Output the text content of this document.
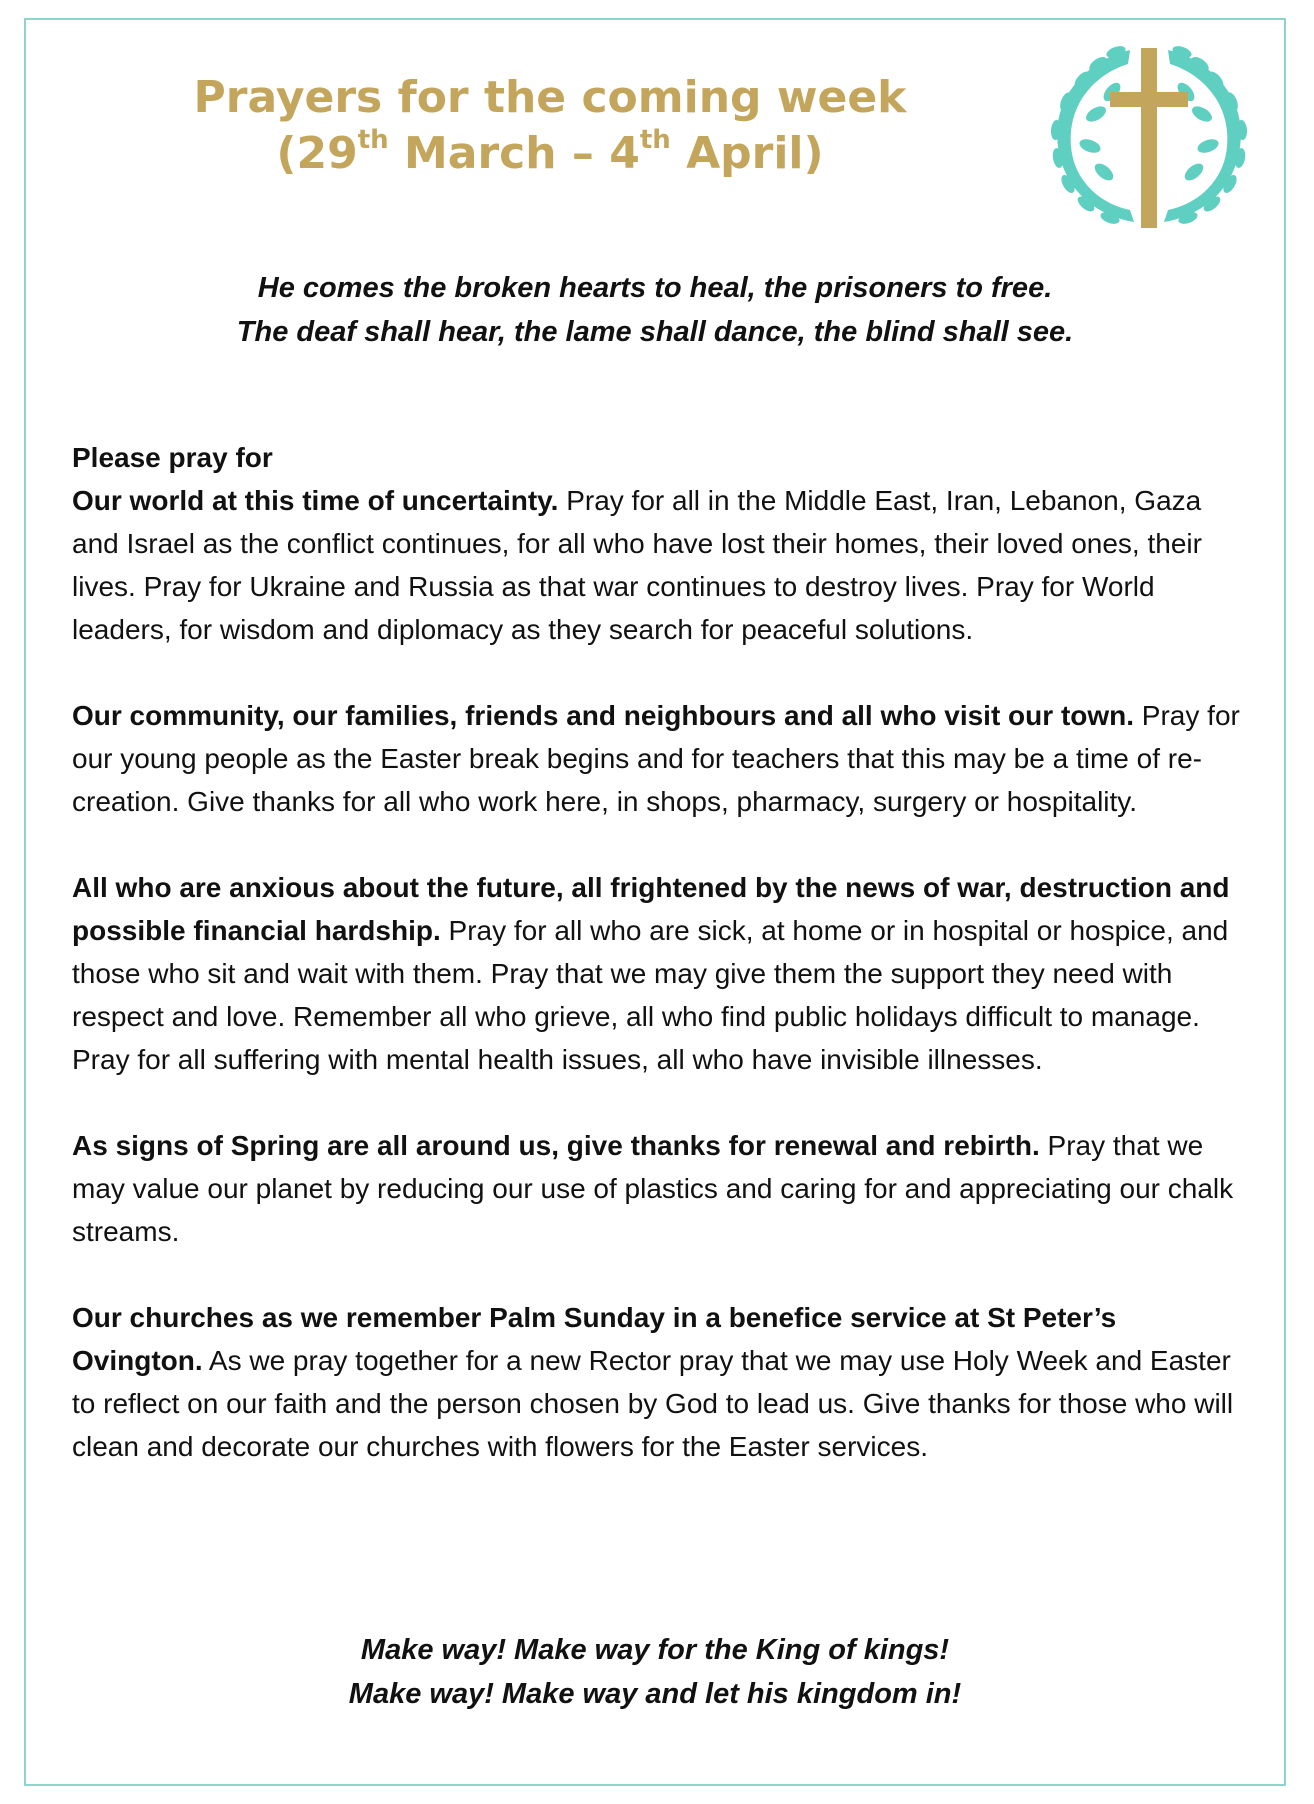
Prayers for the coming week
(29th March – 4th April)

He comes the broken hearts to heal, the prisoners to free.

The deaf shall hear, the lame shall dance, the blind shall see.

Please pray for

Our world at this time of uncertainty. Pray for all in the Middle East, Iran, Lebanon, Gaza and Israel as the conflict continues, for all who have lost their homes, their loved ones, their lives. Pray for Ukraine and Russia as that war continues to destroy lives. Pray for World leaders, for wisdom and diplomacy as they search for peaceful solutions.

Our community, our families, friends and neighbours and all who visit our town. Pray for our young people as the Easter break begins and for teachers that this may be a time of re-creation. Give thanks for all who work here, in shops, pharmacy, surgery or hospitality.

All who are anxious about the future, all frightened by the news of war, destruction and possible financial hardship. Pray for all who are sick, at home or in hospital or hospice, and those who sit and wait with them. Pray that we may give them the support they need with respect and love. Remember all who grieve, all who find public holidays difficult to manage. Pray for all suffering with mental health issues, all who have invisible illnesses.

As signs of Spring are all around us, give thanks for renewal and rebirth. Pray that we may value our planet by reducing our use of plastics and caring for and appreciating our chalk streams.

Our churches as we remember Palm Sunday in a benefice service at St Peter’s Ovington. As we pray together for a new Rector pray that we may use Holy Week and Easter to reflect on our faith and the person chosen by God to lead us. Give thanks for those who will clean and decorate our churches with flowers for the Easter services.

Make way! Make way for the King of kings!

Make way! Make way and let his kingdom in!
